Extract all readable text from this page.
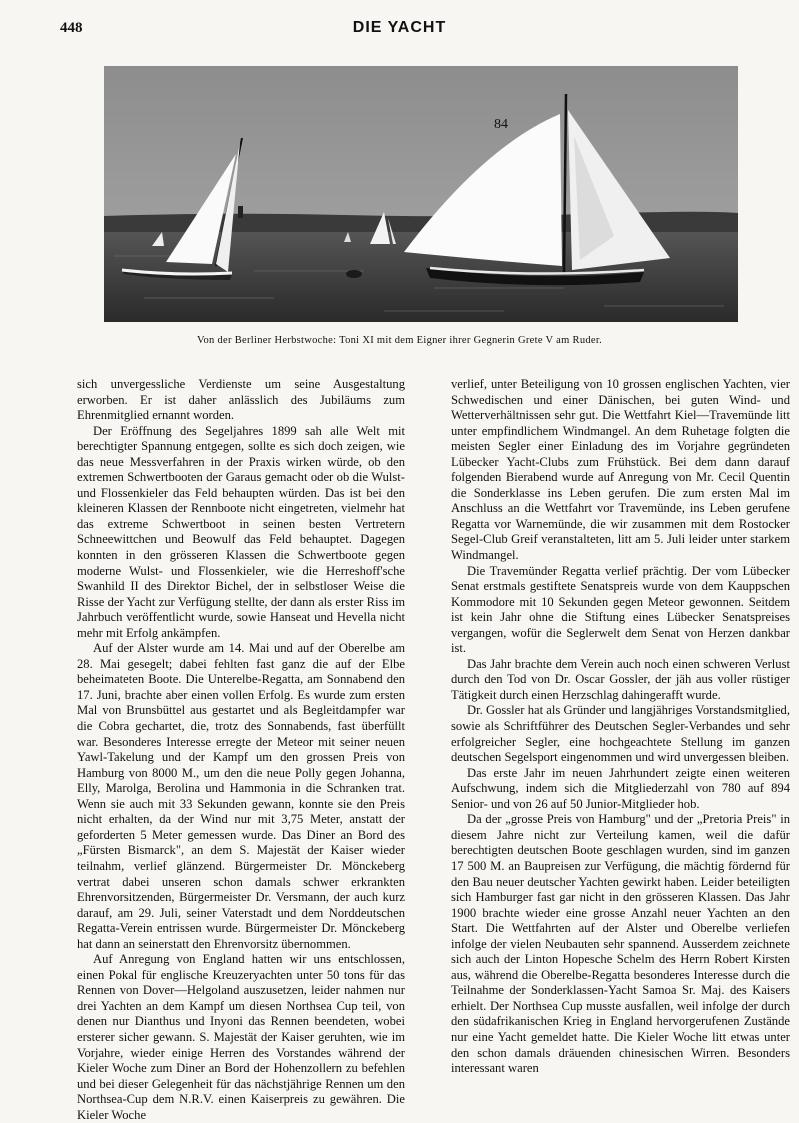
448	DIE YACHT
84
Von der Berliner Herbstwoche: Toni XI mit dem Eigner ihrer Gegnerin Grete V am Ruder.

sich unvergessliche Verdienste um seine Ausgestaltung erworben. Er ist daher anlässlich des Jubiläums zum Ehrenmitglied ernannt worden.

Der Eröffnung des Segeljahres 1899 sah alle Welt mit berechtigter Spannung entgegen, sollte es sich doch zeigen, wie das neue Messverfahren in der Praxis wirken würde, ob den extremen Schwertbooten der Garaus gemacht oder ob die Wulst- und Flossenkieler das Feld behaupten würden. Das ist bei den kleineren Klassen der Rennboote nicht eingetreten, vielmehr hat das extreme Schwertboot in seinen besten Vertretern Schneewittchen und Beowulf das Feld behauptet. Dagegen konnten in den grösseren Klassen die Schwertboote gegen moderne Wulst- und Flossenkieler, wie die Herreshoff'sche Swanhild II des Direktor Bichel, der in selbstloser Weise die Risse der Yacht zur Verfügung stellte, der dann als erster Riss im Jahrbuch veröffentlicht wurde, sowie Hanseat und Hevella nicht mehr mit Erfolg ankämpfen.

Auf der Alster wurde am 14. Mai und auf der Oberelbe am 28. Mai gesegelt; dabei fehlten fast ganz die auf der Elbe beheimateten Boote. Die Unterelbe-Regatta, am Sonnabend den 17. Juni, brachte aber einen vollen Erfolg. Es wurde zum ersten Mal von Brunsbüttel aus gestartet und als Begleitdampfer war die Cobra gechartet, die, trotz des Sonnabends, fast überfüllt war. Besonderes Interesse erregte der Meteor mit seiner neuen Yawl-Takelung und der Kampf um den grossen Preis von Hamburg von 8000 M., um den die neue Polly gegen Johanna, Elly, Marolga, Berolina und Hammonia in die Schranken trat. Wenn sie auch mit 33 Sekunden gewann, konnte sie den Preis nicht erhalten, da der Wind nur mit 3,75 Meter, anstatt der geforderten 5 Meter gemessen wurde. Das Diner an Bord des „Fürsten Bismarck", an dem S. Majestät der Kaiser wieder teilnahm, verlief glänzend. Bürgermeister Dr. Mönckeberg vertrat dabei unseren schon damals schwer erkrankten Ehrenvorsitzenden, Bürgermeister Dr. Versmann, der auch kurz darauf, am 29. Juli, seiner Vaterstadt und dem Norddeutschen Regatta-Verein entrissen wurde. Bürgermeister Dr. Mönckeberg hat dann an seinerstatt den Ehrenvorsitz übernommen.

Auf Anregung von England hatten wir uns entschlossen, einen Pokal für englische Kreuzeryachten unter 50 tons für das Rennen von Dover—Helgoland auszusetzen, leider nahmen nur drei Yachten an dem Kampf um diesen Northsea Cup teil, von denen nur Dianthus und Inyoni das Rennen beendeten, wobei ersterer sicher gewann. S. Majestät der Kaiser geruhten, wie im Vorjahre, wieder einige Herren des Vorstandes während der Kieler Woche zum Diner an Bord der Hohenzollern zu befehlen und bei dieser Gelegenheit für das nächstjährige Rennen um den Northsea-Cup dem N.R.V. einen Kaiserpreis zu gewähren. Die Kieler Woche

verlief, unter Beteiligung von 10 grossen englischen Yachten, vier Schwedischen und einer Dänischen, bei guten Wind- und Wetterverhältnissen sehr gut. Die Wettfahrt Kiel—Travemünde litt unter empfindlichem Windmangel. An dem Ruhetage folgten die meisten Segler einer Einladung des im Vorjahre gegründeten Lübecker Yacht-Clubs zum Frühstück. Bei dem dann darauf folgenden Bierabend wurde auf Anregung von Mr. Cecil Quentin die Sonderklasse ins Leben gerufen. Die zum ersten Mal im Anschluss an die Wettfahrt vor Travemünde, ins Leben gerufene Regatta vor Warnemünde, die wir zusammen mit dem Rostocker Segel-Club Greif veranstalteten, litt am 5. Juli leider unter starkem Windmangel.

Die Travemünder Regatta verlief prächtig. Der vom Lübecker Senat erstmals gestiftete Senatspreis wurde von dem Kauppschen Kommodore mit 10 Sekunden gegen Meteor gewonnen. Seitdem ist kein Jahr ohne die Stiftung eines Lübecker Senatspreises vergangen, wofür die Seglerwelt dem Senat von Herzen dankbar ist.

Das Jahr brachte dem Verein auch noch einen schweren Verlust durch den Tod von Dr. Oscar Gossler, der jäh aus voller rüstiger Tätigkeit durch einen Herzschlag dahingerafft wurde.

Dr. Gossler hat als Gründer und langjähriges Vorstandsmitglied, sowie als Schriftführer des Deutschen Segler-Verbandes und sehr erfolgreicher Segler, eine hochgeachtete Stellung im ganzen deutschen Segelsport eingenommen und wird unvergessen bleiben.

Das erste Jahr im neuen Jahrhundert zeigte einen weiteren Aufschwung, indem sich die Mitgliederzahl von 780 auf 894 Senior- und von 26 auf 50 Junior-Mitglieder hob.

Da der „grosse Preis von Hamburg" und der „Pretoria Preis" in diesem Jahre nicht zur Verteilung kamen, weil die dafür berechtigten deutschen Boote geschlagen wurden, sind im ganzen 17 500 M. an Baupreisen zur Verfügung, die mächtig fördernd für den Bau neuer deutscher Yachten gewirkt haben. Leider beteiligten sich Hamburger fast gar nicht in den grösseren Klassen. Das Jahr 1900 brachte wieder eine grosse Anzahl neuer Yachten an den Start. Die Wettfahrten auf der Alster und Oberelbe verliefen infolge der vielen Neubauten sehr spannend. Ausserdem zeichnete sich auch der Linton Hopesche Schelm des Herrn Robert Kirsten aus, während die Oberelbe-Regatta besonderes Interesse durch die Teilnahme der Sonderklassen-Yacht Samoa Sr. Maj. des Kaisers erhielt. Der Northsea Cup musste ausfallen, weil infolge der durch den südafrikanischen Krieg in England hervorgerufenen Zustände nur eine Yacht gemeldet hatte. Die Kieler Woche litt etwas unter den schon damals dräuenden chinesischen Wirren. Besonders interessant waren
